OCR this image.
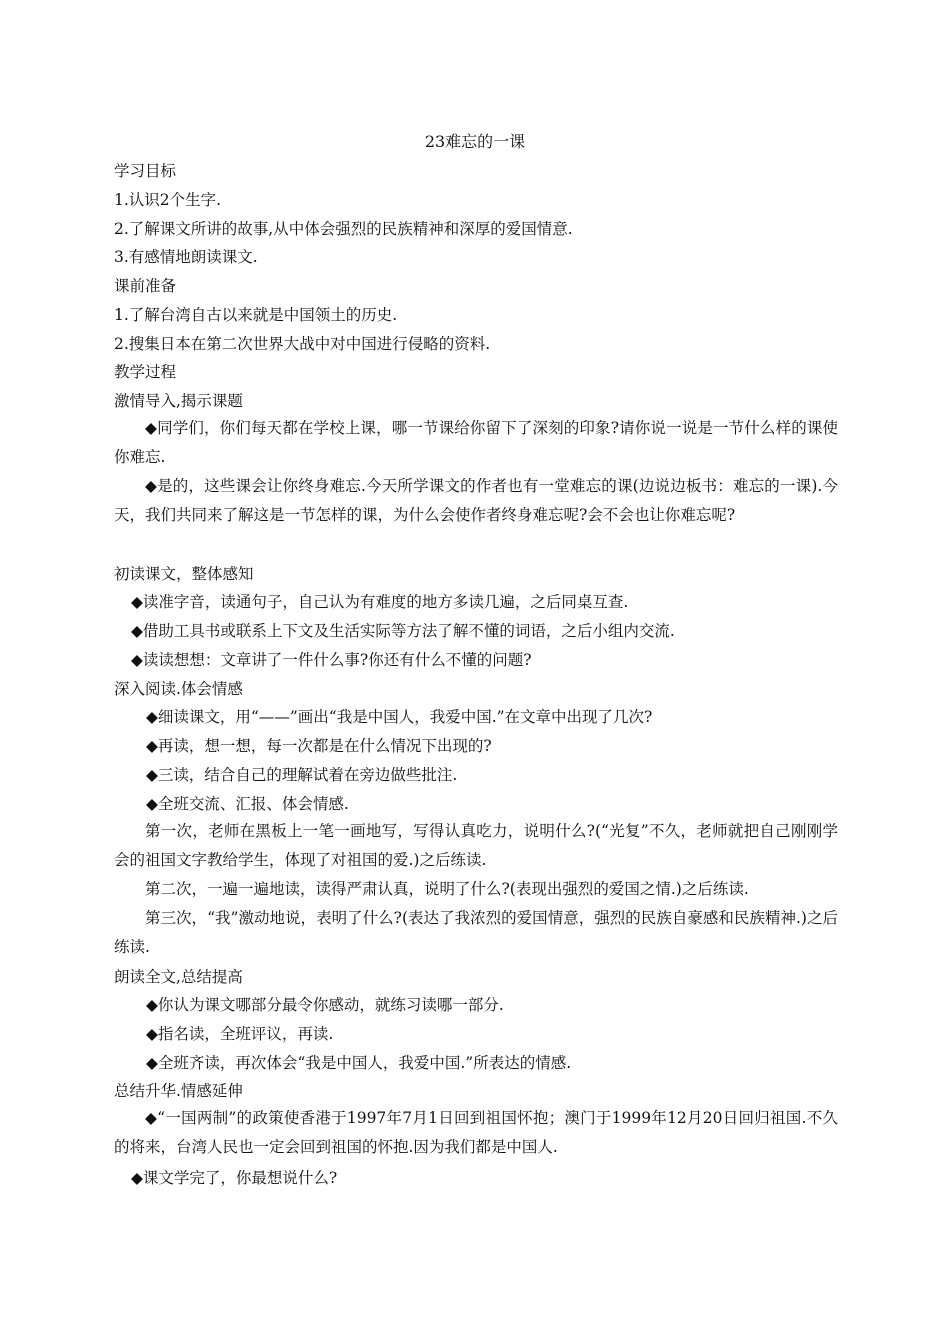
23难忘的一课
学习目标
1.认识2个生字.
2.了解课文所讲的故事,从中体会强烈的民族精神和深厚的爱国情意.
3.有感情地朗读课文.
课前准备
1.了解台湾自古以来就是中国领土的历史.
2.搜集日本在第二次世界大战中对中国进行侵略的资料.
教学过程
激情导入,揭示课题
◆同学们，你们每天都在学校上课，哪一节课给你留下了深刻的印象?请你说一说是一节什么样的课使你难忘.
◆是的，这些课会让你终身难忘.今天所学课文的作者也有一堂难忘的课(边说边板书：难忘的一课).今天，我们共同来了解这是一节怎样的课，为什么会使作者终身难忘呢?会不会也让你难忘呢?
初读课文，整体感知
◆读准字音，读通句子，自己认为有难度的地方多读几遍，之后同桌互查.
◆借助工具书或联系上下文及生活实际等方法了解不懂的词语，之后小组内交流.
◆读读想想：文章讲了一件什么事?你还有什么不懂的问题?
深入阅读.体会情感
◆细读课文，用“——”画出“我是中国人，我爱中国.”在文章中出现了几次?
◆再读，想一想，每一次都是在什么情况下出现的?
◆三读，结合自己的理解试着在旁边做些批注.
◆全班交流、汇报、体会情感.
第一次，老师在黑板上一笔一画地写，写得认真吃力，说明什么?(“光复”不久，老师就把自己刚刚学会的祖国文字教给学生，体现了对祖国的爱.)之后练读.
第二次，一遍一遍地读，读得严肃认真，说明了什么?(表现出强烈的爱国之情.)之后练读.
第三次，“我”激动地说，表明了什么?(表达了我浓烈的爱国情意，强烈的民族自豪感和民族精神.)之后练读.
朗读全文,总结提高
◆你认为课文哪部分最令你感动，就练习读哪一部分.
◆指名读，全班评议，再读.
◆全班齐读，再次体会“我是中国人，我爱中国.”所表达的情感.
总结升华.情感延伸
◆“一国两制”的政策使香港于1997年7月1日回到祖国怀抱；澳门于1999年12月20日回归祖国.不久的将来，台湾人民也一定会回到祖国的怀抱.因为我们都是中国人.
◆课文学完了，你最想说什么?
